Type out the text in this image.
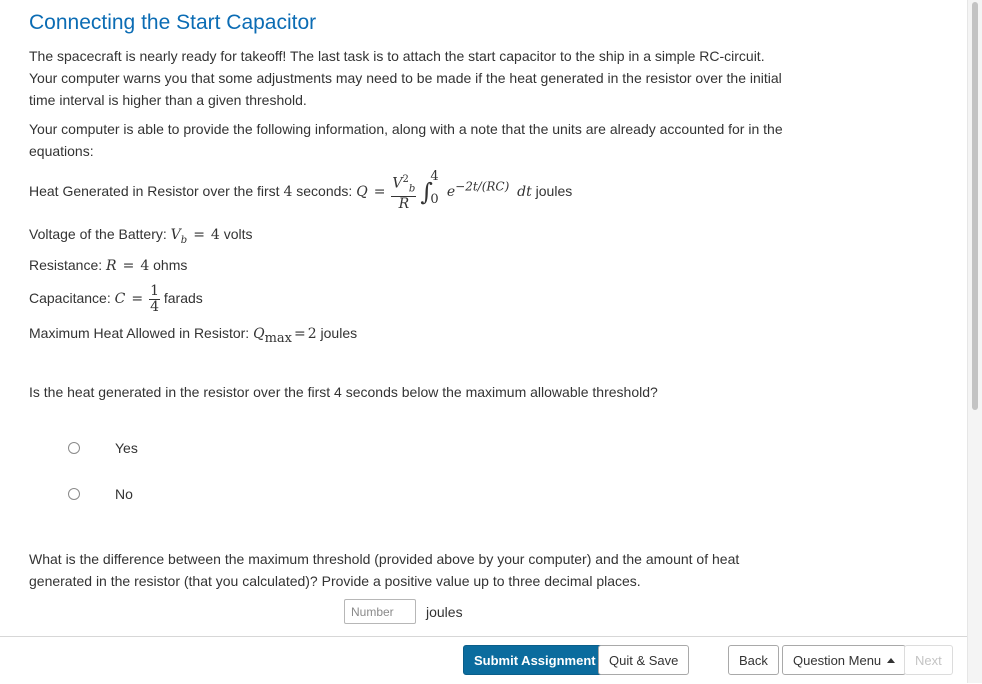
Connecting the Start Capacitor

The spacecraft is nearly ready for takeoff! The last task is to attach the start capacitor to the ship in a simple RC-circuit. Your computer warns you that some adjustments may need to be made if the heat generated in the resistor over the initial time interval is higher than a given threshold.

Your computer is able to provide the following information, along with a note that the units are already accounted for in the equations:

Heat Generated in Resistor over the first 4 seconds: $Q = \frac{V^2_b}{R}$ ∫
4
0 $e^{-2t/(RC)}$ dt joules
Voltage of the Battery: $V_b = 4$ volts
Resistance: R = 4 ohms
Capacitance: $C = \frac{1}{4}$ farads
Maximum Heat Allowed in Resistor: $Q_{max} = 2$ joules
Is the heat generated in the resistor over the first 4 seconds below the maximum allowable threshold?
Yes
No

What is the difference between the maximum threshold (provided above by your computer) and the amount of heat generated in the resistor (that you calculated)? Provide a positive value up to three decimal places.

Number
joules
Submit Assignment	Quit & Save	Back	Question Menu	Next
